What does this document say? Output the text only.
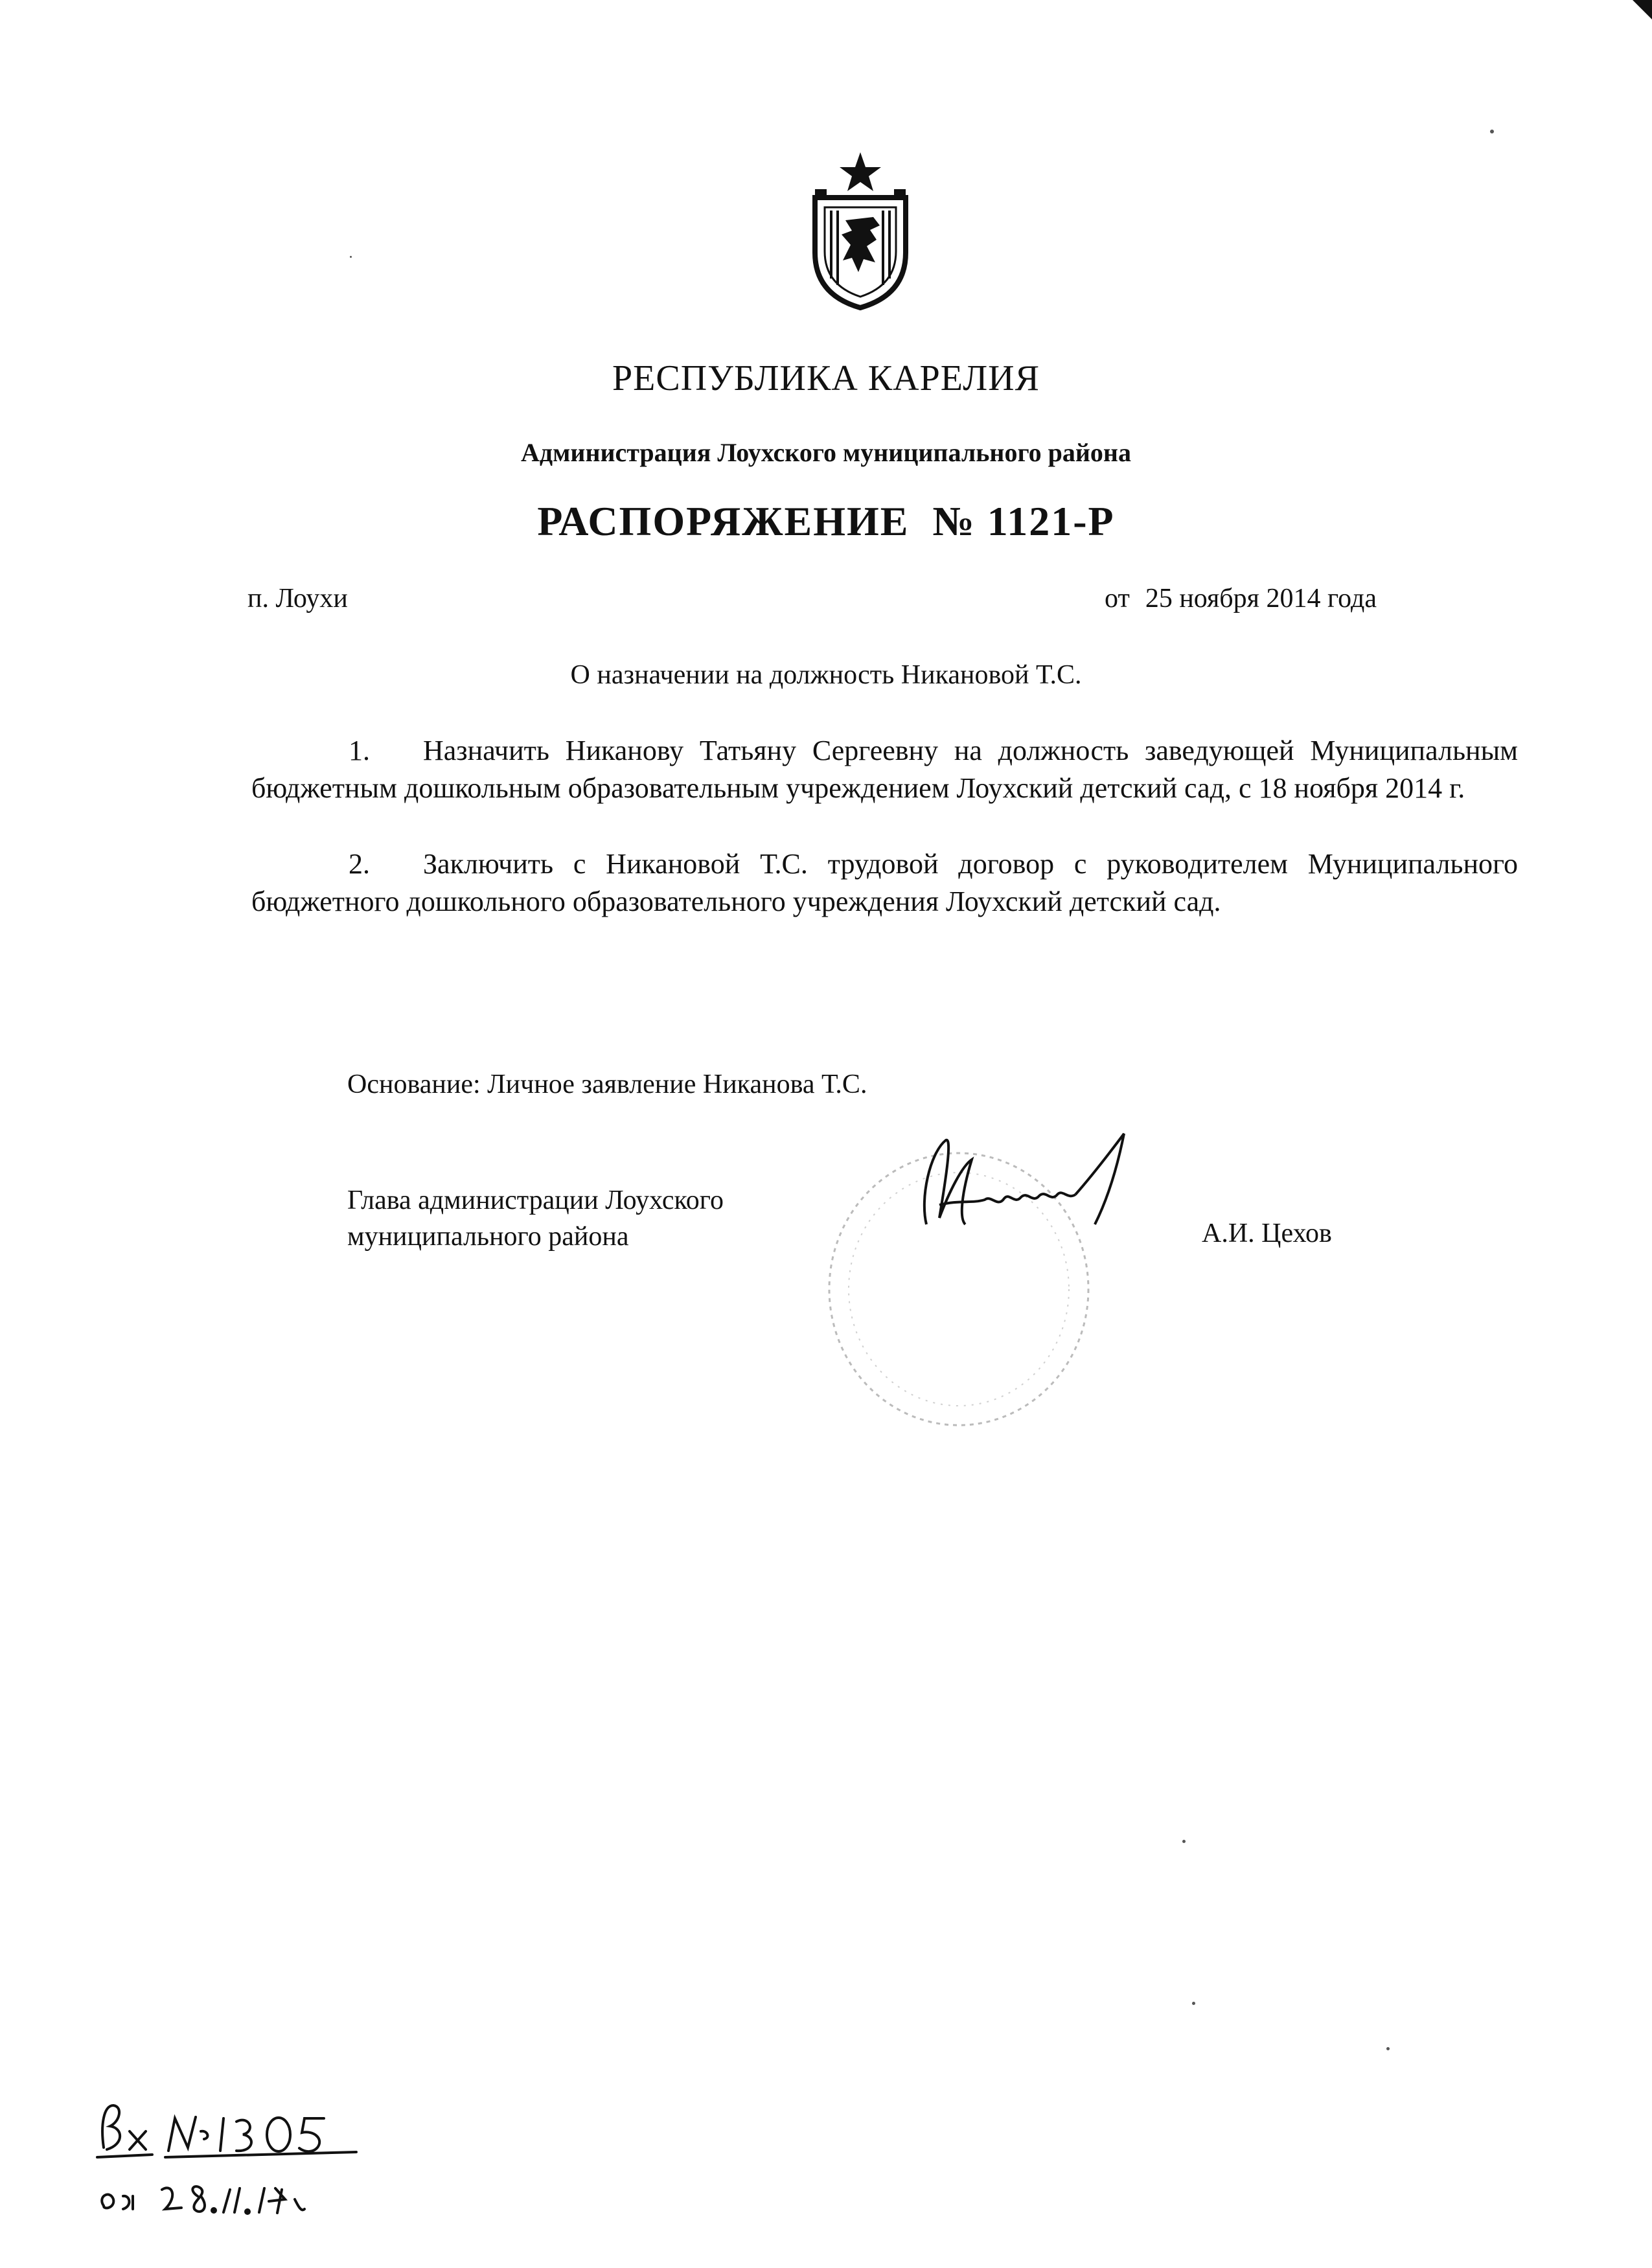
РЕСПУБЛИКА КАРЕЛИЯ
Администрация Лоухского муниципального района
РАСПОРЯЖЕНИЕ  № 1121-Р
п. Лоухи	от 25 ноября 2014 года
О назначении на должность Никановой Т.С.
1. Назначить Никанову Татьяну Сергеевну на должность заведующей Муниципальным бюджетным дошкольным образовательным учреждением Лоухский детский сад, с 18 ноября 2014 г.
2. Заключить с Никановой Т.С. трудовой договор с руководителем Муниципального бюджетного дошкольного образовательного учреждения Лоухский детский сад.
Основание: Личное заявление Никанова Т.С.
Глава администрации Лоухского
муниципального района	А.И. Цехов
